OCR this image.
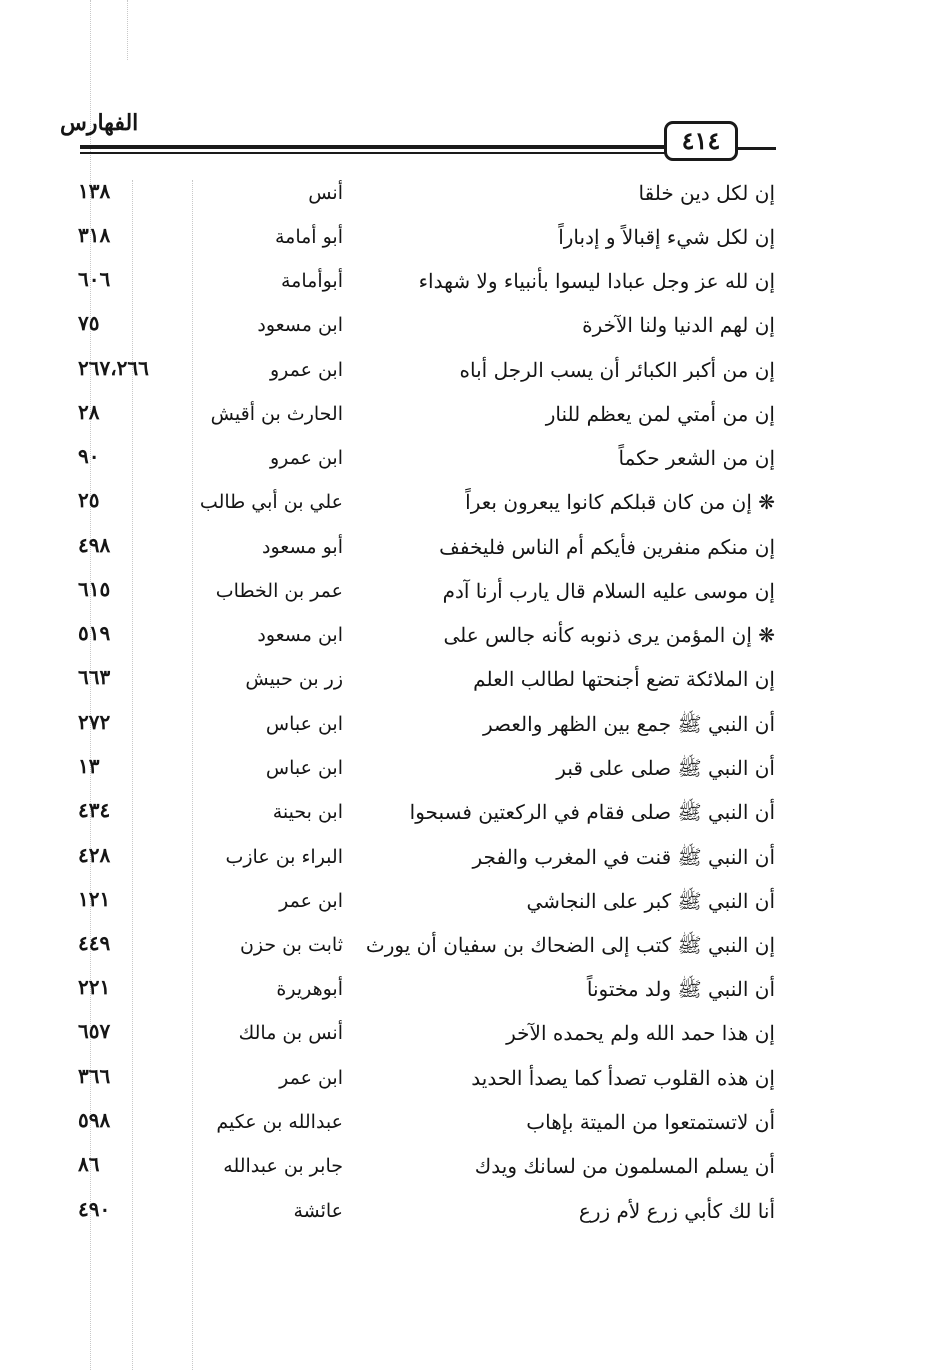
الفهارس
٤١٤
إن لكل دين خلقا
أنس
١٣٨
إن لكل شيء إقبالاً و إدباراً
أبو أمامة
٣١٨
إن لله عز وجل عبادا ليسوا بأنبياء ولا شهداء
أبوأمامة
٦٠٦
إن لهم الدنيا ولنا الآخرة
ابن مسعود
٧٥
إن من أكبر الكبائر أن يسب الرجل أباه
ابن عمرو
٢٦٧،٢٦٦
إن من أمتي لمن يعظم للنار
الحارث بن أقيش
٢٨
إن من الشعر حكماً
ابن عمرو
٩٠
❋ إن من كان قبلكم كانوا يبعرون بعراً
علي بن أبي طالب
٢٥
إن منكم منفرين فأيكم أم الناس فليخفف
أبو مسعود
٤٩٨
إن موسى عليه السلام قال يارب أرنا آدم
عمر بن الخطاب
٦١٥
❋ إن المؤمن يرى ذنوبه كأنه جالس على
ابن مسعود
٥١٩
إن الملائكة تضع أجنحتها لطالب العلم
زر بن حبيش
٦٦٣
أن النبي ﷺ جمع بين الظهر والعصر
ابن عباس
٢٧٢
أن النبي ﷺ صلى على قبر
ابن عباس
١٣
أن النبي ﷺ صلى فقام في الركعتين فسبحوا
ابن بحينة
٤٣٤
أن النبي ﷺ قنت في المغرب والفجر
البراء بن عازب
٤٢٨
أن النبي ﷺ كبر على النجاشي
ابن عمر
١٢١
إن النبي ﷺ كتب إلى الضحاك بن سفيان أن يورث
ثابت بن حزن
٤٤٩
أن النبي ﷺ ولد مختوناً
أبوهريرة
٢٢١
إن هذا حمد الله ولم يحمده الآخر
أنس بن مالك
٦٥٧
إن هذه القلوب تصدأ كما يصدأ الحديد
ابن عمر
٣٦٦
أن لاتستمتعوا من الميتة بإهاب
عبدالله بن عكيم
٥٩٨
أن يسلم المسلمون من لسانك ويدك
جابر بن عبدالله
٨٦
أنا لك كأبي زرع لأم زرع
عائشة
٤٩٠
